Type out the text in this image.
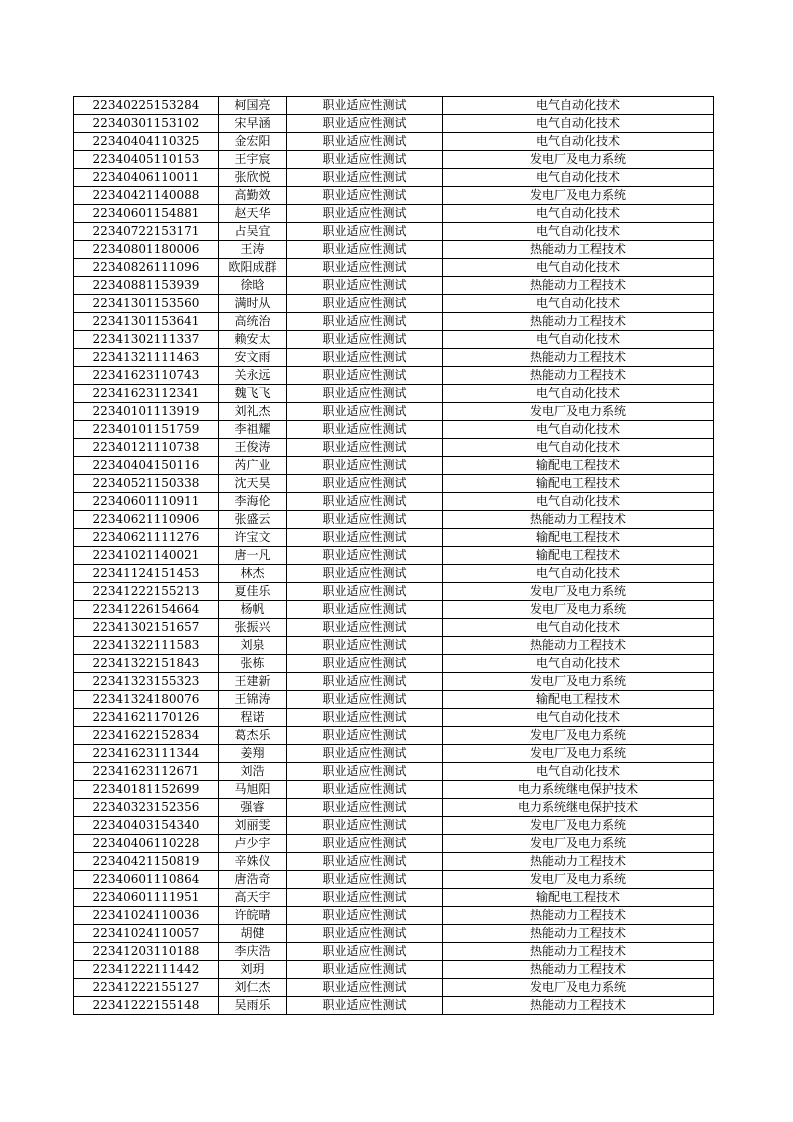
22340225153284	柯国亮	职业适应性测试	电气自动化技术
22340301153102	宋早涵	职业适应性测试	电气自动化技术
22340404110325	金宏阳	职业适应性测试	电气自动化技术
22340405110153	王宇宸	职业适应性测试	发电厂及电力系统
22340406110011	张欣悦	职业适应性测试	电气自动化技术
22340421140088	高勤效	职业适应性测试	发电厂及电力系统
22340601154881	赵天华	职业适应性测试	电气自动化技术
22340722153171	占吴宜	职业适应性测试	电气自动化技术
22340801180006	王涛	职业适应性测试	热能动力工程技术
22340826111096	欧阳成群	职业适应性测试	电气自动化技术
22340881153939	徐晗	职业适应性测试	热能动力工程技术
22341301153560	满时从	职业适应性测试	电气自动化技术
22341301153641	高统治	职业适应性测试	热能动力工程技术
22341302111337	赖安太	职业适应性测试	电气自动化技术
22341321111463	安文雨	职业适应性测试	热能动力工程技术
22341623110743	关永远	职业适应性测试	热能动力工程技术
22341623112341	魏飞飞	职业适应性测试	电气自动化技术
22340101113919	刘礼杰	职业适应性测试	发电厂及电力系统
22340101151759	李祖耀	职业适应性测试	电气自动化技术
22340121110738	王俊涛	职业适应性测试	电气自动化技术
22340404150116	芮广业	职业适应性测试	输配电工程技术
22340521150338	沈天昊	职业适应性测试	输配电工程技术
22340601110911	李海伦	职业适应性测试	电气自动化技术
22340621110906	张盛云	职业适应性测试	热能动力工程技术
22340621111276	许宝文	职业适应性测试	输配电工程技术
22341021140021	唐一凡	职业适应性测试	输配电工程技术
22341124151453	林杰	职业适应性测试	电气自动化技术
22341222155213	夏佳乐	职业适应性测试	发电厂及电力系统
22341226154664	杨帆	职业适应性测试	发电厂及电力系统
22341302151657	张振兴	职业适应性测试	电气自动化技术
22341322111583	刘泉	职业适应性测试	热能动力工程技术
22341322151843	张栋	职业适应性测试	电气自动化技术
22341323155323	王建新	职业适应性测试	发电厂及电力系统
22341324180076	王锦涛	职业适应性测试	输配电工程技术
22341621170126	程诺	职业适应性测试	电气自动化技术
22341622152834	葛杰乐	职业适应性测试	发电厂及电力系统
22341623111344	姜翔	职业适应性测试	发电厂及电力系统
22341623112671	刘浩	职业适应性测试	电气自动化技术
22340181152699	马旭阳	职业适应性测试	电力系统继电保护技术
22340323152356	强睿	职业适应性测试	电力系统继电保护技术
22340403154340	刘丽雯	职业适应性测试	发电厂及电力系统
22340406110228	卢少宇	职业适应性测试	发电厂及电力系统
22340421150819	辛姝仪	职业适应性测试	热能动力工程技术
22340601110864	唐浩奇	职业适应性测试	发电厂及电力系统
22340601111951	高天宇	职业适应性测试	输配电工程技术
22341024110036	许皖晴	职业适应性测试	热能动力工程技术
22341024110057	胡健	职业适应性测试	热能动力工程技术
22341203110188	李庆浩	职业适应性测试	热能动力工程技术
22341222111442	刘玥	职业适应性测试	热能动力工程技术
22341222155127	刘仁杰	职业适应性测试	发电厂及电力系统
22341222155148	吴雨乐	职业适应性测试	热能动力工程技术
